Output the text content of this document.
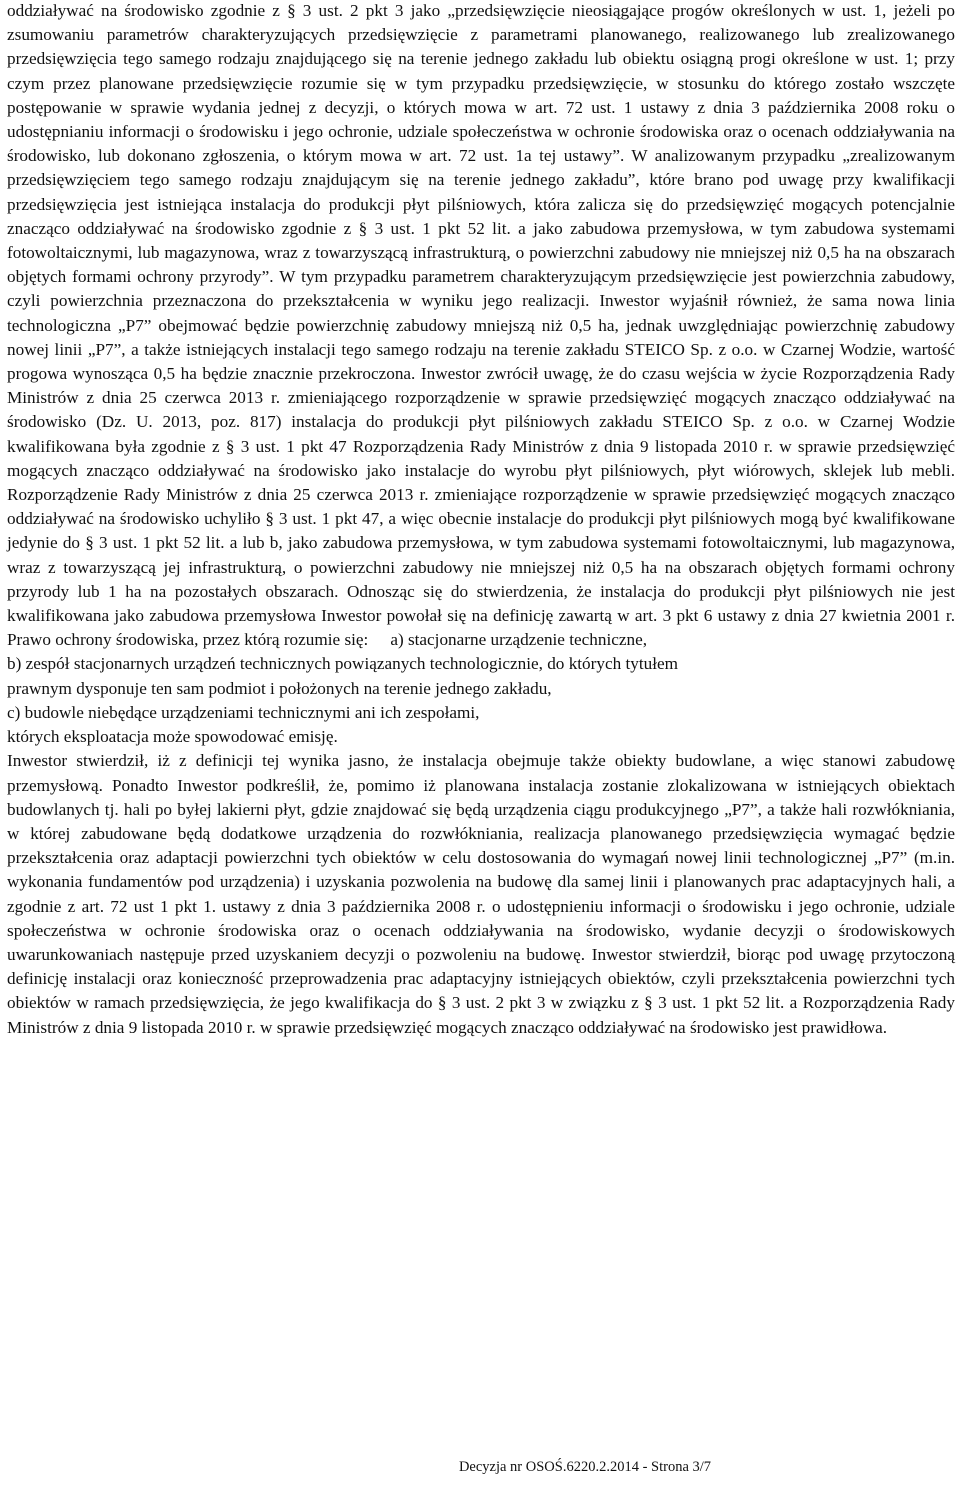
oddziaływać na środowisko zgodnie z § 3 ust. 2 pkt 3 jako „przedsięwzięcie nieosiągające progów określonych w ust. 1, jeżeli po zsumowaniu parametrów charakteryzujących przedsięwzięcie z parametrami planowanego, realizowanego lub zrealizowanego przedsięwzięcia tego samego rodzaju znajdującego się na terenie jednego zakładu lub obiektu osiągną progi określone w ust. 1; przy czym przez planowane przedsięwzięcie rozumie się w tym przypadku przedsięwzięcie, w stosunku do którego zostało wszczęte postępowanie w sprawie wydania jednej z decyzji, o których mowa w art. 72 ust. 1 ustawy z dnia 3 października 2008 roku o udostępnianiu informacji o środowisku i jego ochronie, udziale społeczeństwa w ochronie środowiska oraz o ocenach oddziaływania na środowisko, lub dokonano zgłoszenia, o którym mowa w art. 72 ust. 1a tej ustawy”. W analizowanym przypadku „zrealizowanym przedsięwzięciem tego samego rodzaju znajdującym się na terenie jednego zakładu”, które brano pod uwagę przy kwalifikacji przedsięwzięcia jest istniejąca instalacja do produkcji płyt pilśniowych, która zalicza się do przedsięwzięć mogących potencjalnie znacząco oddziaływać na środowisko zgodnie z § 3 ust. 1 pkt 52 lit. a jako zabudowa przemysłowa, w tym zabudowa systemami fotowoltaicznymi, lub magazynowa, wraz z towarzyszącą infrastrukturą, o powierzchni zabudowy nie mniejszej niż 0,5 ha na obszarach objętych formami ochrony przyrody”. W tym przypadku parametrem charakteryzującym przedsięwzięcie jest powierzchnia zabudowy, czyli powierzchnia przeznaczona do przekształcenia w wyniku jego realizacji. Inwestor wyjaśnił również, że sama nowa linia technologiczna „P7” obejmować będzie powierzchnię zabudowy mniejszą niż 0,5 ha, jednak uwzględniając powierzchnię zabudowy nowej linii „P7”, a także istniejących instalacji tego samego rodzaju na terenie zakładu STEICO Sp. z o.o. w Czarnej Wodzie, wartość progowa wynosząca 0,5 ha będzie znacznie przekroczona. Inwestor zwrócił uwagę, że do czasu wejścia w życie Rozporządzenia Rady Ministrów z dnia 25 czerwca 2013 r. zmieniającego rozporządzenie w sprawie przedsięwzięć mogących znacząco oddziaływać na środowisko (Dz. U. 2013, poz. 817) instalacja do produkcji płyt pilśniowych zakładu STEICO Sp. z o.o. w Czarnej Wodzie kwalifikowana była zgodnie z § 3 ust. 1 pkt 47 Rozporządzenia Rady Ministrów z dnia 9 listopada 2010 r. w sprawie przedsięwzięć mogących znacząco oddziaływać na środowisko jako instalacje do wyrobu płyt pilśniowych, płyt wiórowych, sklejek lub mebli. Rozporządzenie Rady Ministrów z dnia 25 czerwca 2013 r. zmieniające rozporządzenie w sprawie przedsięwzięć mogących znacząco oddziaływać na środowisko uchyliło § 3 ust. 1 pkt 47, a więc obecnie instalacje do produkcji płyt pilśniowych mogą być kwalifikowane jedynie do § 3 ust. 1 pkt 52 lit. a lub b, jako zabudowa przemysłowa, w tym zabudowa systemami fotowoltaicznymi, lub magazynowa, wraz z towarzyszącą jej infrastrukturą, o powierzchni zabudowy nie mniejszej niż 0,5 ha na obszarach objętych formami ochrony przyrody lub 1 ha na pozostałych obszarach. Odnosząc się do stwierdzenia, że instalacja do produkcji płyt pilśniowych nie jest kwalifikowana jako zabudowa przemysłowa Inwestor powołał się na definicję zawartą w art. 3 pkt 6 ustawy z dnia 27 kwietnia 2001 r. Prawo ochrony środowiska, przez którą rozumie się: a) stacjonarne urządzenie techniczne,

b) zespół stacjonarnych urządzeń technicznych powiązanych technologicznie, do których tytułem

prawnym dysponuje ten sam podmiot i położonych na terenie jednego zakładu,

c) budowle niebędące urządzeniami technicznymi ani ich zespołami,

których eksploatacja może spowodować emisję.

Inwestor stwierdził, iż z definicji tej wynika jasno, że instalacja obejmuje także obiekty budowlane, a więc stanowi zabudowę przemysłową. Ponadto Inwestor podkreślił, że, pomimo iż planowana instalacja zostanie zlokalizowana w istniejących obiektach budowlanych tj. hali po byłej lakierni płyt, gdzie znajdować się będą urządzenia ciągu produkcyjnego „P7”, a także hali rozwłókniania, w której zabudowane będą dodatkowe urządzenia do rozwłókniania, realizacja planowanego przedsięwzięcia wymagać będzie przekształcenia oraz adaptacji powierzchni tych obiektów w celu dostosowania do wymagań nowej linii technologicznej „P7” (m.in. wykonania fundamentów pod urządzenia) i uzyskania pozwolenia na budowę dla samej linii i planowanych prac adaptacyjnych hali, a zgodnie z art. 72 ust 1 pkt 1. ustawy z dnia 3 października 2008 r. o udostępnieniu informacji o środowisku i jego ochronie, udziale społeczeństwa w ochronie środowiska oraz o ocenach oddziaływania na środowisko, wydanie decyzji o środowiskowych uwarunkowaniach następuje przed uzyskaniem decyzji o pozwoleniu na budowę. Inwestor stwierdził, biorąc pod uwagę przytoczoną definicję instalacji oraz konieczność przeprowadzenia prac adaptacyjny istniejących obiektów, czyli przekształcenia powierzchni tych obiektów w ramach przedsięwzięcia, że jego kwalifikacja do § 3 ust. 2 pkt 3 w związku z § 3 ust. 1 pkt 52 lit. a Rozporządzenia Rady Ministrów z dnia 9 listopada 2010 r. w sprawie przedsięwzięć mogących znacząco oddziaływać na środowisko jest prawidłowa.

Decyzja nr OSOŚ.6220.2.2014 - Strona 3/7
